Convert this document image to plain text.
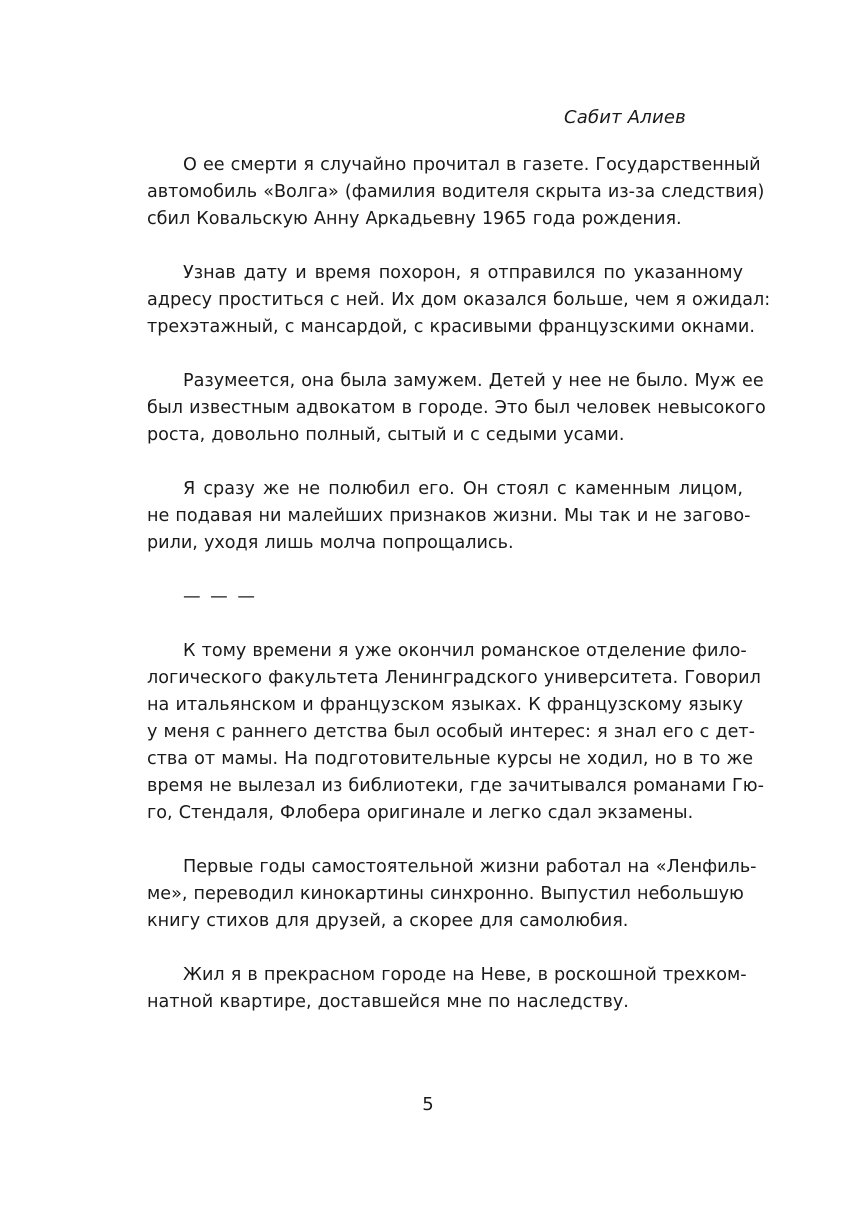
Сабит Алиев

О ее смерти я случайно прочитал в газете. Государственный
автомобиль «Волга» (фамилия водителя скрыта из-за следствия)
сбил Ковальскую Анну Аркадьевну 1965 года рождения.

Узнав дату и время похорон, я отправился по указанному
адресу проститься с ней. Их дом оказался больше, чем я ожидал:
трехэтажный, с мансардой, с красивыми французскими окнами.

Разумеется, она была замужем. Детей у нее не было. Муж ее
был известным адвокатом в городе. Это был человек невысокого
роста, довольно полный, сытый и с седыми усами.

Я сразу же не полюбил его. Он стоял с каменным лицом,
не подавая ни малейших признаков жизни. Мы так и не загово-
рили, уходя лишь молча попрощались.

— — —

К тому времени я уже окончил романское отделение фило-
логического факультета Ленинградского университета. Говорил
на итальянском и французском языках. К французскому языку
у меня с раннего детства был особый интерес: я знал его с дет-
ства от мамы. На подготовительные курсы не ходил, но в то же
время не вылезал из библиотеки, где зачитывался романами Гю-
го, Стендаля, Флобера оригинале и легко сдал экзамены.

Первые годы самостоятельной жизни работал на «Ленфиль-
ме», переводил кинокартины синхронно. Выпустил небольшую
книгу стихов для друзей, а скорее для самолюбия.

Жил я в прекрасном городе на Неве, в роскошной трехком-
натной квартире, доставшейся мне по наследству.

5
